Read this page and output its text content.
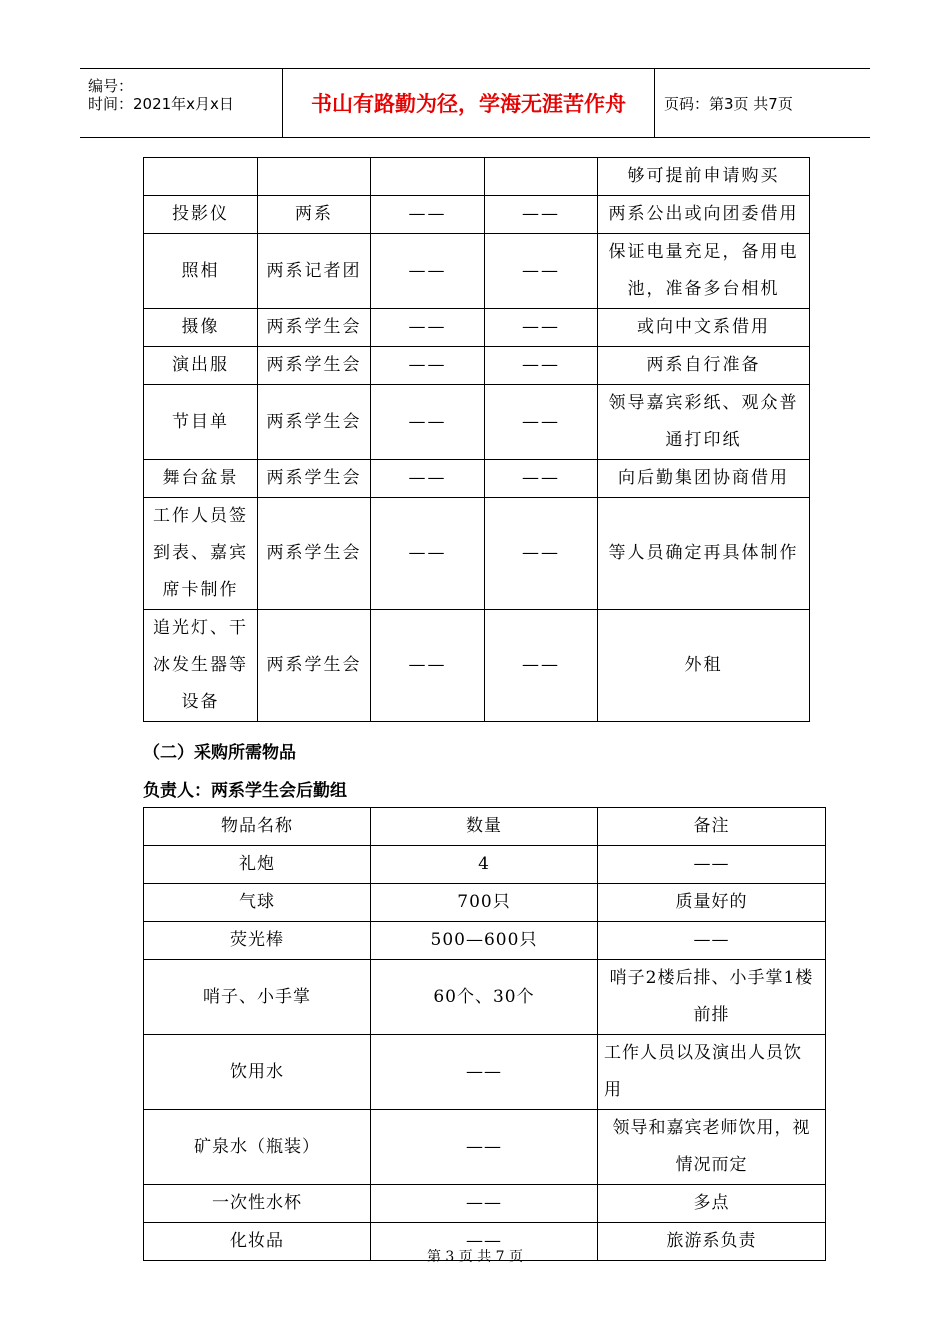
编号：
时间：2021年x月x日	书山有路勤为径，学海无涯苦作舟	页码：第3页 共7页
				够可提前申请购买
投影仪	两系	——	——	两系公出或向团委借用
照相	两系记者团	——	——	保证电量充足，备用电池，准备多台相机
摄像	两系学生会	——	——	或向中文系借用
演出服	两系学生会	——	——	两系自行准备
节目单	两系学生会	——	——	领导嘉宾彩纸、观众普通打印纸
舞台盆景	两系学生会	——	——	向后勤集团协商借用
工作人员签到表、嘉宾席卡制作	两系学生会	——	——	等人员确定再具体制作
追光灯、干冰发生器等设备	两系学生会	——	——	外租
（二）采购所需物品
负责人：两系学生会后勤组
物品名称	数量	备注
礼炮	4	——
气球	700只	质量好的
荧光棒	500—600只	——
哨子、小手掌	60个、30个	哨子2楼后排、小手掌1楼前排
饮用水	——	工作人员以及演出人员饮用
矿泉水（瓶装）	——	领导和嘉宾老师饮用，视情况而定
一次性水杯	——	多点
化妆品	——	旅游系负责
第 3 页 共 7 页
